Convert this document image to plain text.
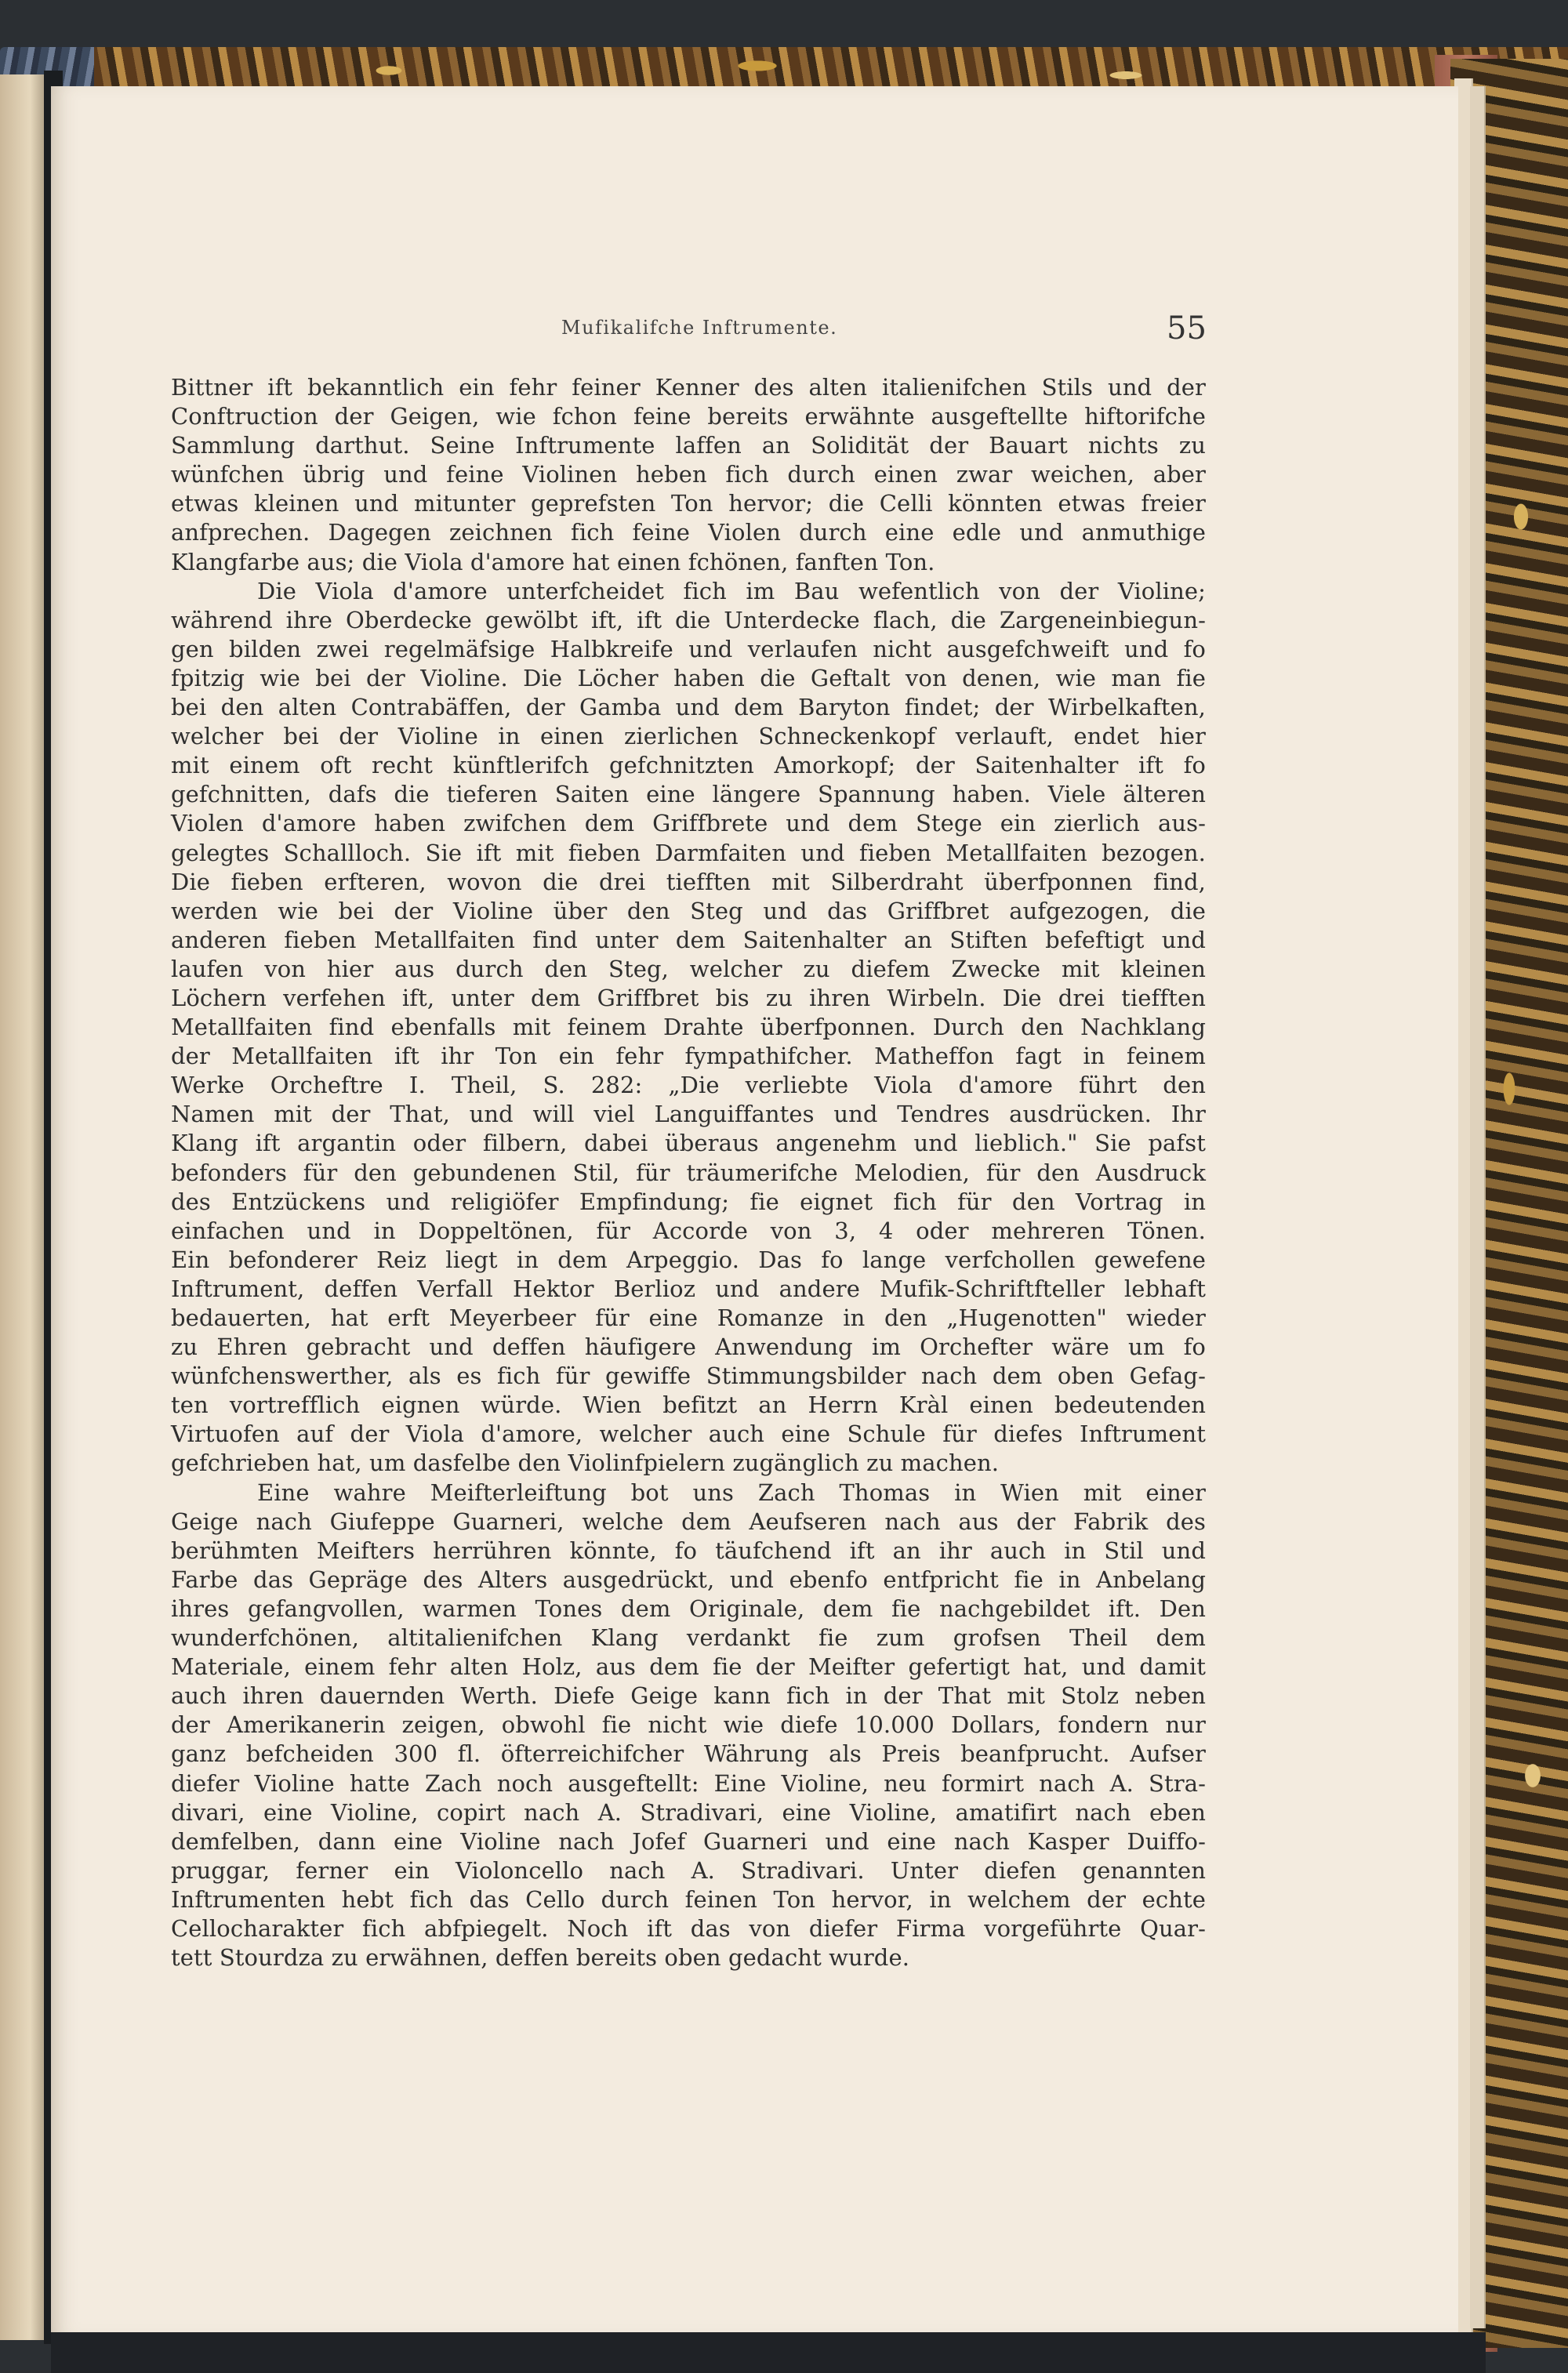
Mufikalifche Inftrumente.	55
Bittner ift bekanntlich ein fehr feiner Kenner des alten italienifchen Stils und der
Conftruction der Geigen, wie fchon feine bereits erwähnte ausgeftellte hiftorifche
Sammlung darthut. Seine Inftrumente laffen an Solidität der Bauart nichts zu
wünfchen übrig und feine Violinen heben fich durch einen zwar weichen, aber
etwas kleinen und mitunter geprefsten Ton hervor; die Celli könnten etwas freier
anfprechen. Dagegen zeichnen fich feine Violen durch eine edle und anmuthige
Klangfarbe aus; die Viola d'amore hat einen fchönen, fanften Ton.
Die Viola d'amore unterfcheidet fich im Bau wefentlich von der Violine;
während ihre Oberdecke gewölbt ift, ift die Unterdecke flach, die Zargeneinbiegun-
gen bilden zwei regelmäfsige Halbkreife und verlaufen nicht ausgefchweift und fo
fpitzig wie bei der Violine. Die Löcher haben die Geftalt von denen, wie man fie
bei den alten Contrabäffen, der Gamba und dem Baryton findet; der Wirbelkaften,
welcher bei der Violine in einen zierlichen Schneckenkopf verlauft, endet hier
mit einem oft recht künftlerifch gefchnitzten Amorkopf; der Saitenhalter ift fo
gefchnitten, dafs die tieferen Saiten eine längere Spannung haben. Viele älteren
Violen d'amore haben zwifchen dem Griffbrete und dem Stege ein zierlich aus-
gelegtes Schallloch. Sie ift mit fieben Darmfaiten und fieben Metallfaiten bezogen.
Die fieben erfteren, wovon die drei tiefften mit Silberdraht überfponnen find,
werden wie bei der Violine über den Steg und das Griffbret aufgezogen, die
anderen fieben Metallfaiten find unter dem Saitenhalter an Stiften befeftigt und
laufen von hier aus durch den Steg, welcher zu diefem Zwecke mit kleinen
Löchern verfehen ift, unter dem Griffbret bis zu ihren Wirbeln. Die drei tiefften
Metallfaiten find ebenfalls mit feinem Drahte überfponnen. Durch den Nachklang
der Metallfaiten ift ihr Ton ein fehr fympathifcher. Matheffon fagt in feinem
Werke Orcheftre I. Theil, S. 282: „Die verliebte Viola d'amore führt den
Namen mit der That, und will viel Languiffantes und Tendres ausdrücken. Ihr
Klang ift argantin oder filbern, dabei überaus angenehm und lieblich." Sie pafst
befonders für den gebundenen Stil, für träumerifche Melodien, für den Ausdruck
des Entzückens und religiöfer Empfindung; fie eignet fich für den Vortrag in
einfachen und in Doppeltönen, für Accorde von 3, 4 oder mehreren Tönen.
Ein befonderer Reiz liegt in dem Arpeggio. Das fo lange verfchollen gewefene
Inftrument, deffen Verfall Hektor Berlioz und andere Mufik-Schriftfteller lebhaft
bedauerten, hat erft Meyerbeer für eine Romanze in den „Hugenotten" wieder
zu Ehren gebracht und deffen häufigere Anwendung im Orchefter wäre um fo
wünfchenswerther, als es fich für gewiffe Stimmungsbilder nach dem oben Gefag-
ten vortrefflich eignen würde. Wien befitzt an Herrn Kràl einen bedeutenden
Virtuofen auf der Viola d'amore, welcher auch eine Schule für diefes Inftrument
gefchrieben hat, um dasfelbe den Violinfpielern zugänglich zu machen.
Eine wahre Meifterleiftung bot uns Zach Thomas in Wien mit einer
Geige nach Giufeppe Guarneri, welche dem Aeufseren nach aus der Fabrik des
berühmten Meifters herrühren könnte, fo täufchend ift an ihr auch in Stil und
Farbe das Gepräge des Alters ausgedrückt, und ebenfo entfpricht fie in Anbelang
ihres gefangvollen, warmen Tones dem Originale, dem fie nachgebildet ift. Den
wunderfchönen, altitalienifchen Klang verdankt fie zum grofsen Theil dem
Materiale, einem fehr alten Holz, aus dem fie der Meifter gefertigt hat, und damit
auch ihren dauernden Werth. Diefe Geige kann fich in der That mit Stolz neben
der Amerikanerin zeigen, obwohl fie nicht wie diefe 10.000 Dollars, fondern nur
ganz befcheiden 300 fl. öfterreichifcher Währung als Preis beanfprucht. Aufser
diefer Violine hatte Zach noch ausgeftellt: Eine Violine, neu formirt nach A. Stra-
divari, eine Violine, copirt nach A. Stradivari, eine Violine, amatifirt nach eben
demfelben, dann eine Violine nach Jofef Guarneri und eine nach Kasper Duiffo-
pruggar, ferner ein Violoncello nach A. Stradivari. Unter diefen genannten
Inftrumenten hebt fich das Cello durch feinen Ton hervor, in welchem der echte
Cellocharakter fich abfpiegelt. Noch ift das von diefer Firma vorgeführte Quar-
tett Stourdza zu erwähnen, deffen bereits oben gedacht wurde.
